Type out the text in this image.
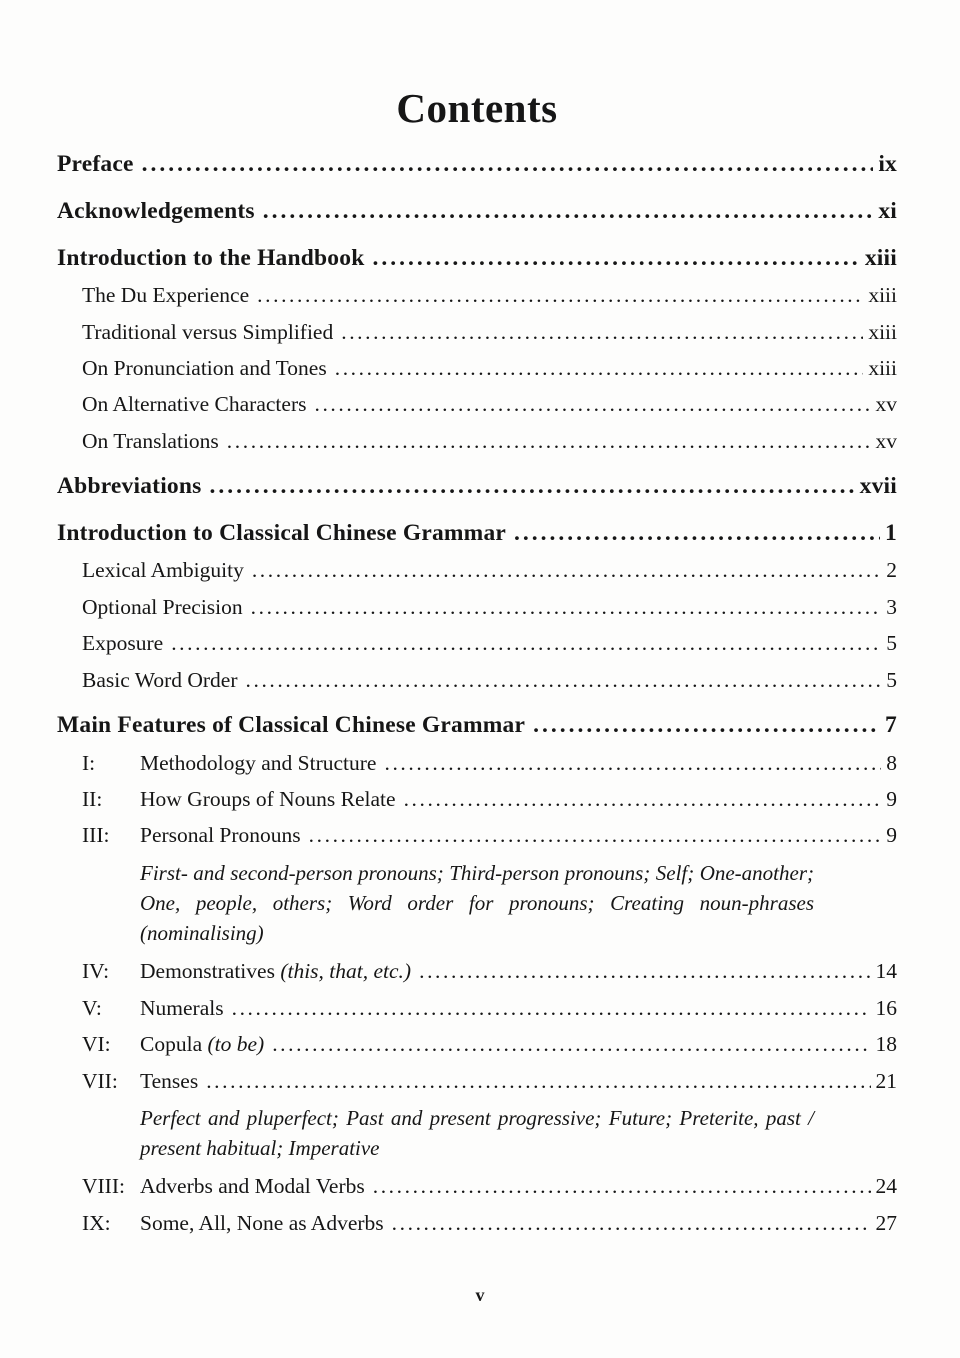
Contents
Preface .....	ix
Acknowledgements .....	xi
Introduction to the Handbook .....	xiii
The Du Experience .....	xiii
Traditional versus Simplified .....	xiii
On Pronunciation and Tones .....	xiii
On Alternative Characters .....	xv
On Translations .....	xv
Abbreviations .....	xvii
Introduction to Classical Chinese Grammar .....	1
Lexical Ambiguity .....	2
Optional Precision .....	3
Exposure .....	5
Basic Word Order .....	5
Main Features of Classical Chinese Grammar .....	7
I:	Methodology and Structure .....	8
II:	How Groups of Nouns Relate .....	9
III:	Personal Pronouns .....	9
First- and second-person pronouns; Third-person pronouns; Self; One-another; One, people, others; Word order for pronouns; Creating noun-phrases (nominalising)
IV:	Demonstratives (this, that, etc.) .....	14
V:	Numerals .....	16
VI:	Copula (to be) .....	18
VII:	Tenses .....	21
Perfect and pluperfect; Past and present progressive; Future; Preterite, past / present habitual; Imperative
VIII: Adverbs and Modal Verbs .....	24
IX:	Some, All, None as Adverbs .....	27
v
